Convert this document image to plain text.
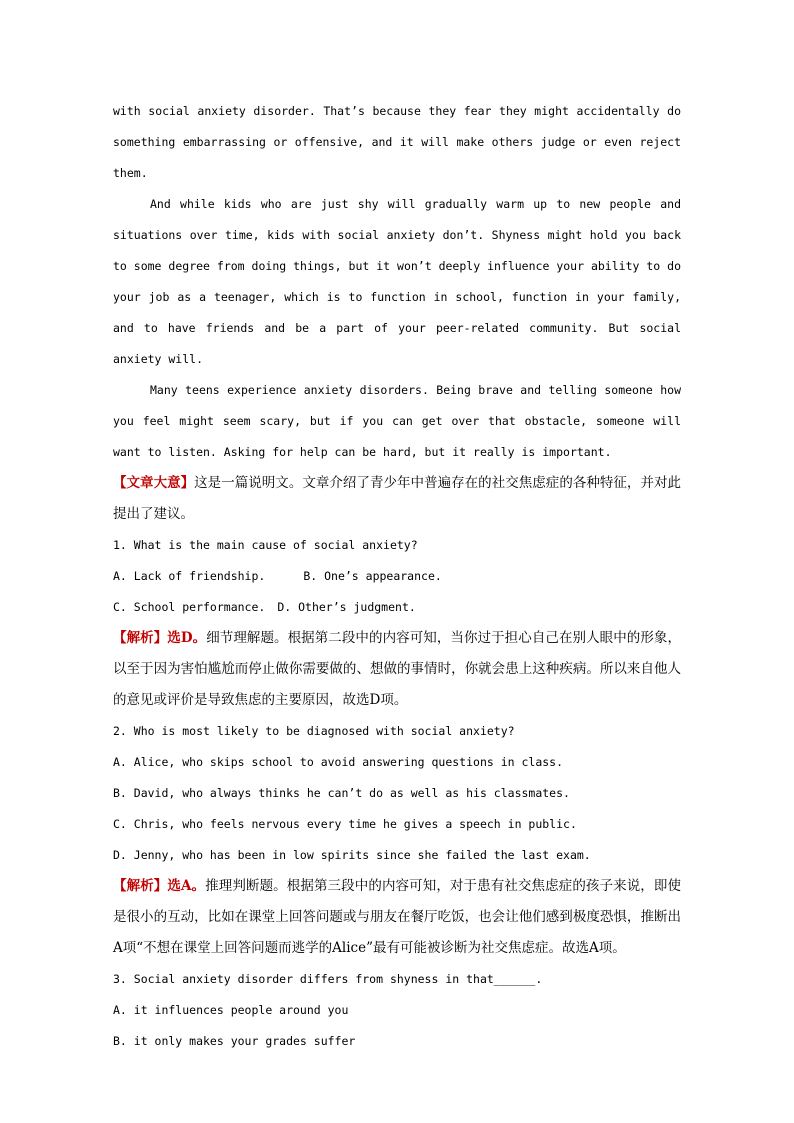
with social anxiety disorder. That’s because they fear they might accidentally do something embarrassing or offensive, and it will make others judge or even reject them.

And while kids who are just shy will gradually warm up to new people and situations over time, kids with social anxiety don’t. Shyness might hold you back to some degree from doing things, but it won’t deeply influence your ability to do your job as a teenager, which is to function in school, function in your family, and to have friends and be a part of your peer-related community. But social anxiety will.

Many teens experience anxiety disorders. Being brave and telling someone how you feel might seem scary, but if you can get over that obstacle, someone will want to listen. Asking for help can be hard, but it really is important.

【文章大意】这是一篇说明文。文章介绍了青少年中普遍存在的社交焦虑症的各种特征，并对此提出了建议。

1. What is the main cause of social anxiety?

A. Lack of friendship.	B. One’s appearance.

C. School performance. D. Other’s judgment.

【解析】选D。细节理解题。根据第二段中的内容可知，当你过于担心自己在别人眼中的形象，以至于因为害怕尴尬而停止做你需要做的、想做的事情时，你就会患上这种疾病。所以来自他人的意见或评价是导致焦虑的主要原因，故选D项。

2. Who is most likely to be diagnosed with social anxiety?

A. Alice, who skips school to avoid answering questions in class.

B. David, who always thinks he can’t do as well as his classmates.

C. Chris, who feels nervous every time he gives a speech in public.

D. Jenny, who has been in low spirits since she failed the last exam.

【解析】选A。推理判断题。根据第三段中的内容可知，对于患有社交焦虑症的孩子来说，即使是很小的互动，比如在课堂上回答问题或与朋友在餐厅吃饭，也会让他们感到极度恐惧，推断出A项“不想在课堂上回答问题而逃学的Alice”最有可能被诊断为社交焦虑症。故选A项。

3. Social anxiety disorder differs from shyness in that______.

A. it influences people around you

B. it only makes your grades suffer
